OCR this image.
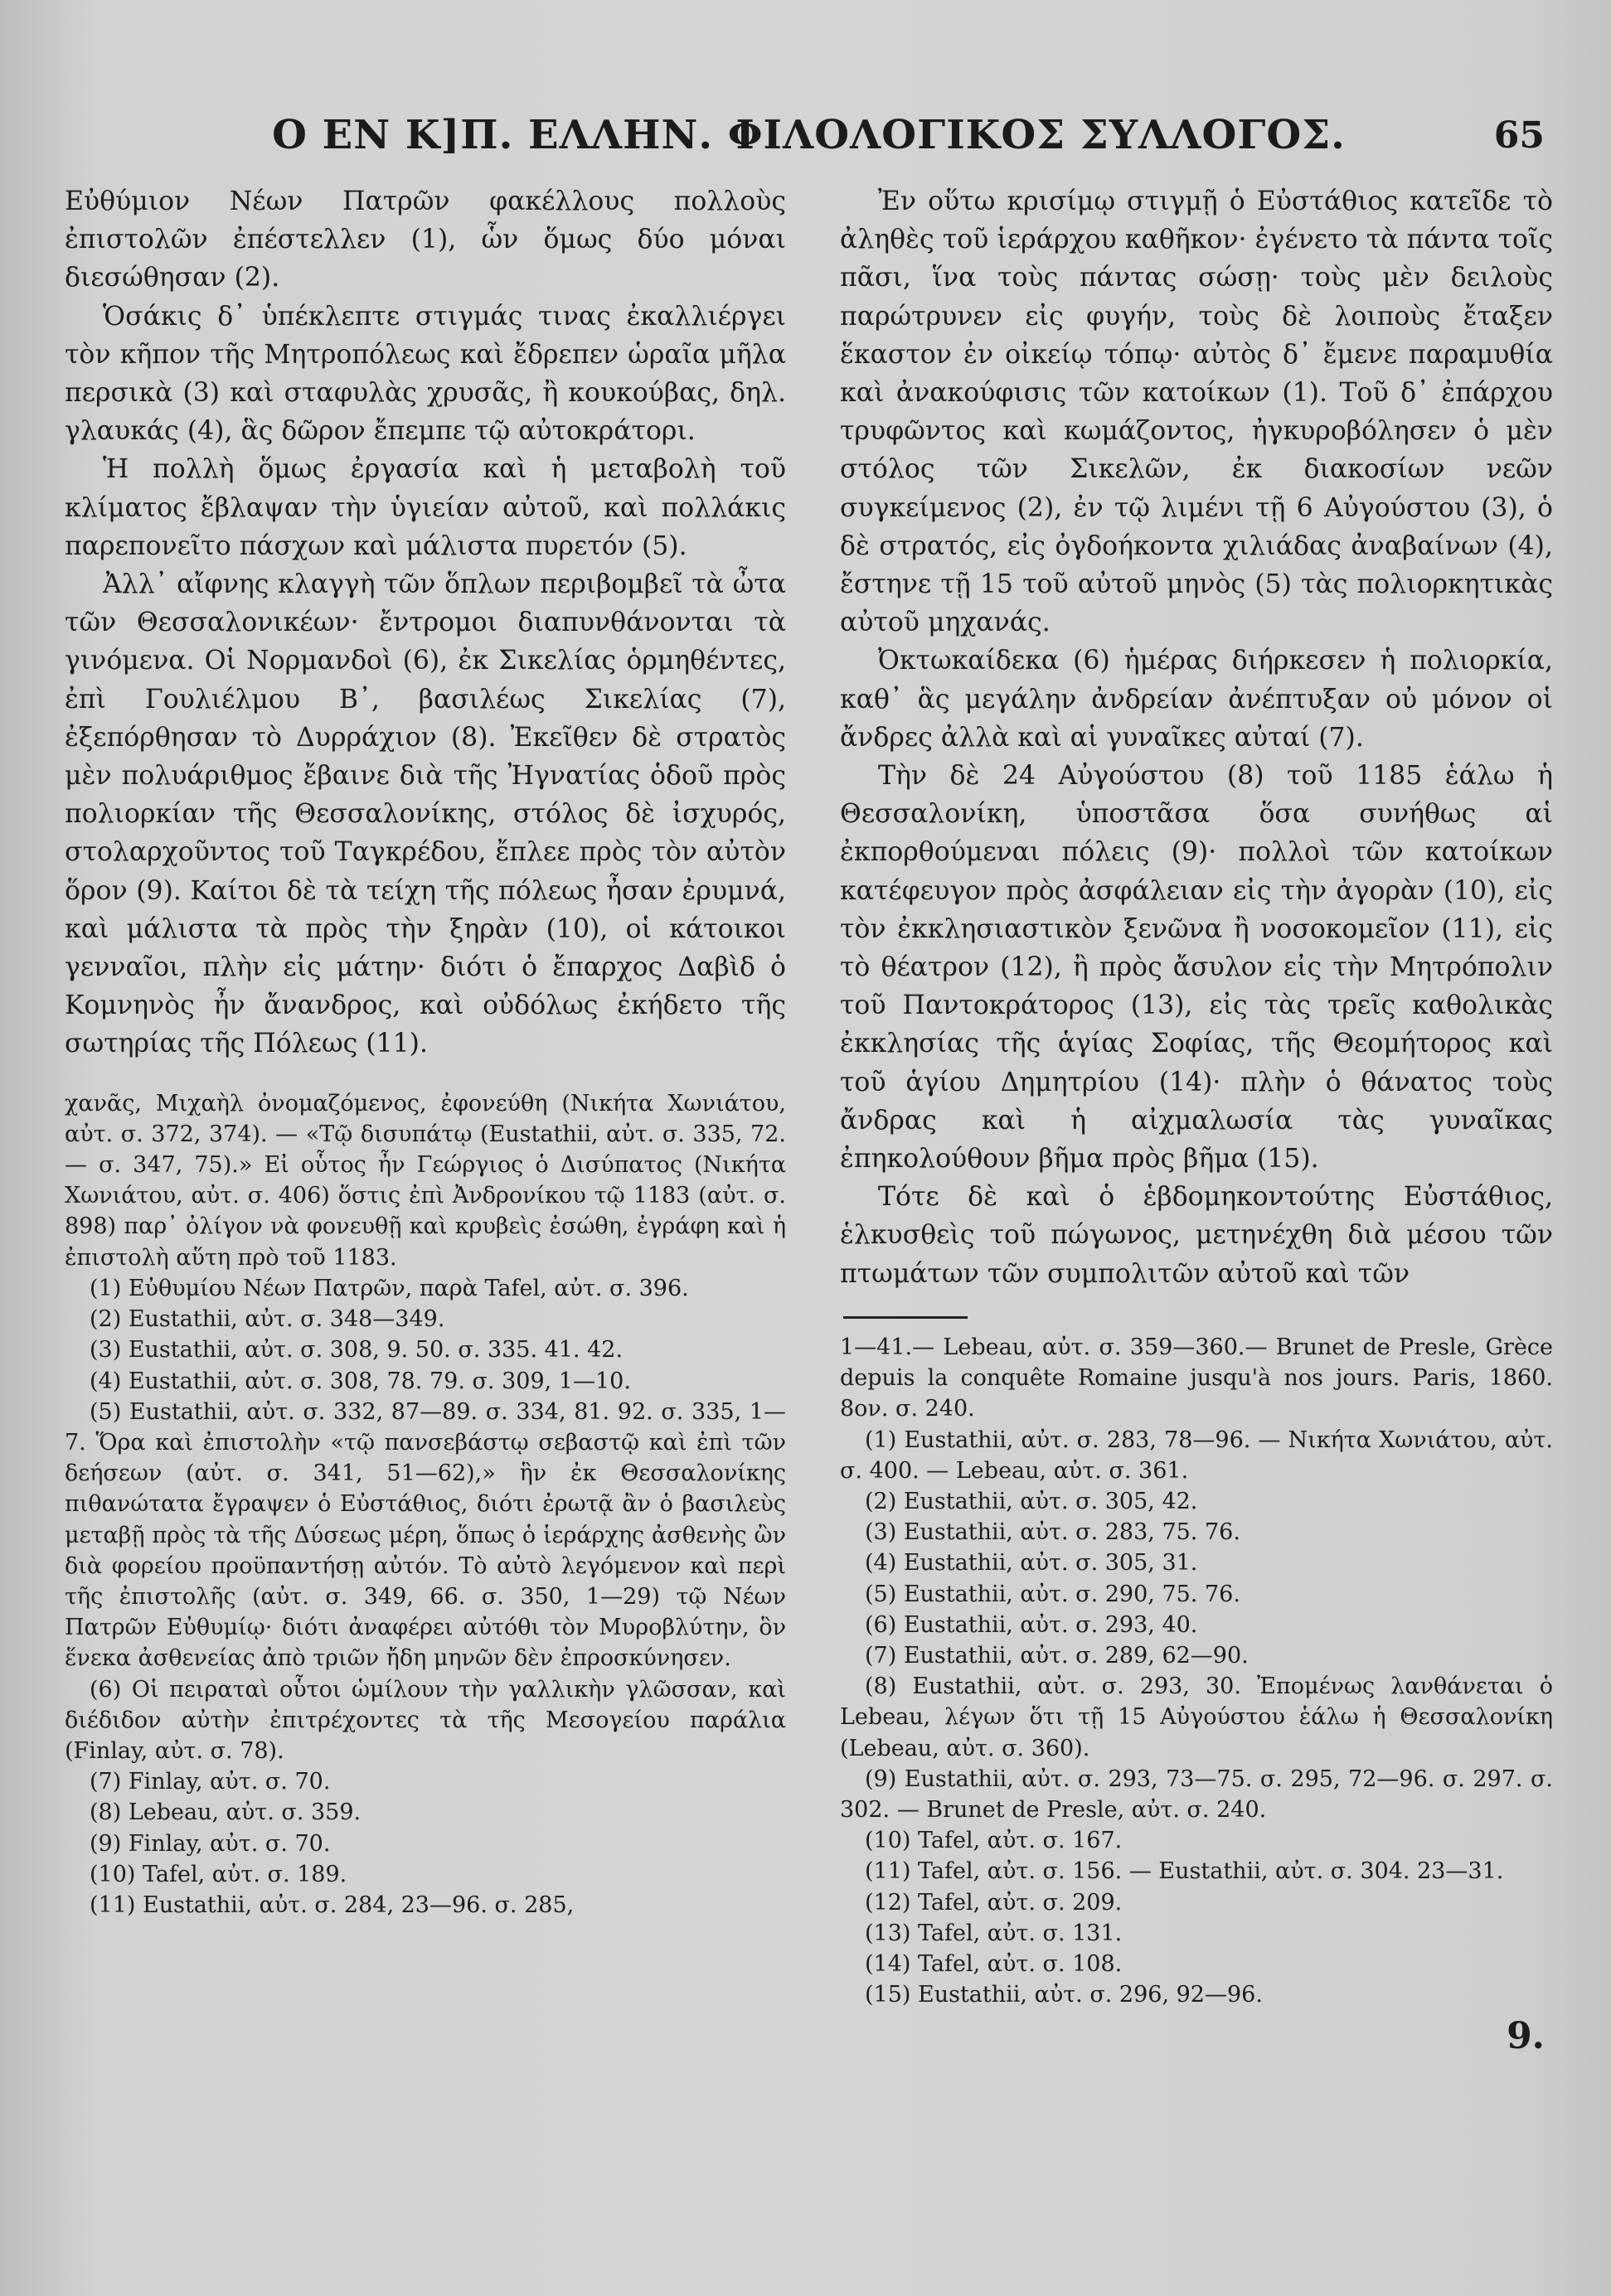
Ο ΕΝ Κ]Π. ΕΛΛΗΝ. ΦΙΛΟΛΟΓΙΚΟΣ ΣΥΛΛΟΓΟΣ.	65

Εὐθύμιον Νέων Πατρῶν φακέλλους πολλοὺς ἐπιστολῶν ἐπέστελλεν (1), ὧν ὅμως δύο μόναι διεσώθησαν (2).

Ὁσάκις δ᾽ ὑπέκλεπτε στιγμάς τινας ἐκαλλιέργει τὸν κῆπον τῆς Μητροπόλεως καὶ ἔδρεπεν ὡραῖα μῆλα περσικὰ (3) καὶ σταφυλὰς χρυσᾶς, ἢ κουκούβας, δηλ. γλαυκάς (4), ἃς δῶρον ἔπεμπε τῷ αὐτοκράτορι.

Ἡ πολλὴ ὅμως ἐργασία καὶ ἡ μεταβολὴ τοῦ κλίματος ἔβλαψαν τὴν ὑγιείαν αὐτοῦ, καὶ πολλάκις παρεπονεῖτο πάσχων καὶ μάλιστα πυρετόν (5).

Ἀλλ᾽ αἴφνης κλαγγὴ τῶν ὅπλων περιβομβεῖ τὰ ὦτα τῶν Θεσσαλονικέων· ἔντρομοι διαπυνθάνονται τὰ γινόμενα. Οἱ Νορμανδοὶ (6), ἐκ Σικελίας ὁρμηθέντες, ἐπὶ Γουλιέλμου Β᾽, βασιλέως Σικελίας (7), ἐξεπόρθησαν τὸ Δυρράχιον (8). Ἐκεῖθεν δὲ στρατὸς μὲν πολυάριθμος ἔβαινε διὰ τῆς Ἠγνατίας ὁδοῦ πρὸς πολιορκίαν τῆς Θεσσαλονίκης, στόλος δὲ ἰσχυρός, στολαρχοῦντος τοῦ Ταγκρέδου, ἔπλεε πρὸς τὸν αὐτὸν ὅρον (9). Καίτοι δὲ τὰ τείχη τῆς πόλεως ἦσαν ἐρυμνά, καὶ μάλιστα τὰ πρὸς τὴν ξηρὰν (10), οἱ κάτοικοι γενναῖοι, πλὴν εἰς μάτην· διότι ὁ ἔπαρχος Δαβὶδ ὁ Κομνηνὸς ἦν ἄνανδρος, καὶ οὐδόλως ἐκήδετο τῆς σωτηρίας τῆς Πόλεως (11).

χανᾶς, Μιχαὴλ ὀνομαζόμενος, ἐφονεύθη (Νικήτα Χωνιάτου, αὐτ. σ. 372, 374). — «Τῷ δισυπάτῳ (Eustathii, αὐτ. σ. 335, 72. — σ. 347, 75).» Εἰ οὗτος ἦν Γεώργιος ὁ Δισύπατος (Νικήτα Χωνιάτου, αὐτ. σ. 406) ὅστις ἐπὶ Ἀνδρονίκου τῷ 1183 (αὐτ. σ. 898) παρ᾽ ὀλίγον νὰ φονευθῇ καὶ κρυβεὶς ἐσώθη, ἐγράφη καὶ ἡ ἐπιστολὴ αὕτη πρὸ τοῦ 1183.

(1) Εὐθυμίου Νέων Πατρῶν, παρὰ Tafel, αὐτ. σ. 396.

(2) Eustathii, αὐτ. σ. 348—349.

(3) Eustathii, αὐτ. σ. 308, 9. 50. σ. 335. 41. 42.

(4) Eustathii, αὐτ. σ. 308, 78. 79. σ. 309, 1—10.

(5) Eustathii, αὐτ. σ. 332, 87—89. σ. 334, 81. 92. σ. 335, 1—7. Ὅρα καὶ ἐπιστολὴν «τῷ πανσεβάστῳ σεβαστῷ καὶ ἐπὶ τῶν δεήσεων (αὐτ. σ. 341, 51—62),» ἣν ἐκ Θεσσαλονίκης πιθανώτατα ἔγραψεν ὁ Εὐστάθιος, διότι ἐρωτᾷ ἂν ὁ βασιλεὺς μεταβῇ πρὸς τὰ τῆς Δύσεως μέρη, ὅπως ὁ ἱεράρχης ἀσθενὴς ὢν διὰ φορείου προϋπαντήσῃ αὐτόν. Τὸ αὐτὸ λεγόμενον καὶ περὶ τῆς ἐπιστολῆς (αὐτ. σ. 349, 66. σ. 350, 1—29) τῷ Νέων Πατρῶν Εὐθυμίῳ· διότι ἀναφέρει αὐτόθι τὸν Μυροβλύτην, ὃν ἕνεκα ἀσθενείας ἀπὸ τριῶν ἤδη μηνῶν δὲν ἐπροσκύνησεν.

(6) Οἱ πειραταὶ οὗτοι ὡμίλουν τὴν γαλλικὴν γλῶσσαν, καὶ διέδιδον αὐτὴν ἐπιτρέχοντες τὰ τῆς Μεσογείου παράλια (Finlay, αὐτ. σ. 78).

(7) Finlay, αὐτ. σ. 70.

(8) Lebeau, αὐτ. σ. 359.

(9) Finlay, αὐτ. σ. 70.

(10) Tafel, αὐτ. σ. 189.

(11) Eustathii, αὐτ. σ. 284, 23—96. σ. 285,

Ἐν οὕτω κρισίμῳ στιγμῇ ὁ Εὐστάθιος κατεῖδε τὸ ἀληθὲς τοῦ ἱεράρχου καθῆκον· ἐγένετο τὰ πάντα τοῖς πᾶσι, ἵνα τοὺς πάντας σώσῃ· τοὺς μὲν δειλοὺς παρώτρυνεν εἰς φυγήν, τοὺς δὲ λοιποὺς ἔταξεν ἕκαστον ἐν οἰκείῳ τόπῳ· αὐτὸς δ᾽ ἔμενε παραμυθία καὶ ἀνακούφισις τῶν κατοίκων (1). Τοῦ δ᾽ ἐπάρχου τρυφῶντος καὶ κωμάζοντος, ἠγκυροβόλησεν ὁ μὲν στόλος τῶν Σικελῶν, ἐκ διακοσίων νεῶν συγκείμενος (2), ἐν τῷ λιμένι τῇ 6 Αὐγούστου (3), ὁ δὲ στρατός, εἰς ὀγδοήκοντα χιλιάδας ἀναβαίνων (4), ἔστηνε τῇ 15 τοῦ αὐτοῦ μηνὸς (5) τὰς πολιορκητικὰς αὐτοῦ μηχανάς.

Ὀκτωκαίδεκα (6) ἡμέρας διήρκεσεν ἡ πολιορκία, καθ᾽ ἃς μεγάλην ἀνδρείαν ἀνέπτυξαν οὐ μόνον οἱ ἄνδρες ἀλλὰ καὶ αἱ γυναῖκες αὐταί (7).

Τὴν δὲ 24 Αὐγούστου (8) τοῦ 1185 ἑάλω ἡ Θεσσαλονίκη, ὑποστᾶσα ὅσα συνήθως αἱ ἐκπορθούμεναι πόλεις (9)· πολλοὶ τῶν κατοίκων κατέφευγον πρὸς ἀσφάλειαν εἰς τὴν ἀγορὰν (10), εἰς τὸν ἐκκλησιαστικὸν ξενῶνα ἢ νοσοκομεῖον (11), εἰς τὸ θέατρον (12), ἢ πρὸς ἄσυλον εἰς τὴν Μητρόπολιν τοῦ Παντοκράτορος (13), εἰς τὰς τρεῖς καθολικὰς ἐκκλησίας τῆς ἁγίας Σοφίας, τῆς Θεομήτορος καὶ τοῦ ἁγίου Δημητρίου (14)· πλὴν ὁ θάνατος τοὺς ἄνδρας καὶ ἡ αἰχμαλωσία τὰς γυναῖκας ἐπηκολούθουν βῆμα πρὸς βῆμα (15).

Τότε δὲ καὶ ὁ ἑβδομηκοντούτης Εὐστάθιος, ἑλκυσθεὶς τοῦ πώγωνος, μετηνέχθη διὰ μέσου τῶν πτωμάτων τῶν συμπολιτῶν αὐτοῦ καὶ τῶν

1—41.— Lebeau, αὐτ. σ. 359—360.— Brunet de Presle, Grèce depuis la conquête Romaine jusqu'à nos jours. Paris, 1860. 8ον. σ. 240.

(1) Eustathii, αὐτ. σ. 283, 78—96. — Νικήτα Χωνιάτου, αὐτ. σ. 400. — Lebeau, αὐτ. σ. 361.

(2) Eustathii, αὐτ. σ. 305, 42.

(3) Eustathii, αὐτ. σ. 283, 75. 76.

(4) Eustathii, αὐτ. σ. 305, 31.

(5) Eustathii, αὐτ. σ. 290, 75. 76.

(6) Eustathii, αὐτ. σ. 293, 40.

(7) Eustathii, αὐτ. σ. 289, 62—90.

(8) Eustathii, αὐτ. σ. 293, 30. Ἐπομένως λανθάνεται ὁ Lebeau, λέγων ὅτι τῇ 15 Αὐγούστου ἑάλω ἡ Θεσσαλονίκη (Lebeau, αὐτ. σ. 360).

(9) Eustathii, αὐτ. σ. 293, 73—75. σ. 295, 72—96. σ. 297. σ. 302. — Brunet de Presle, αὐτ. σ. 240.

(10) Tafel, αὐτ. σ. 167.

(11) Tafel, αὐτ. σ. 156. — Eustathii, αὐτ. σ. 304. 23—31.

(12) Tafel, αὐτ. σ. 209.

(13) Tafel, αὐτ. σ. 131.

(14) Tafel, αὐτ. σ. 108.

(15) Eustathii, αὐτ. σ. 296, 92—96.

9.
